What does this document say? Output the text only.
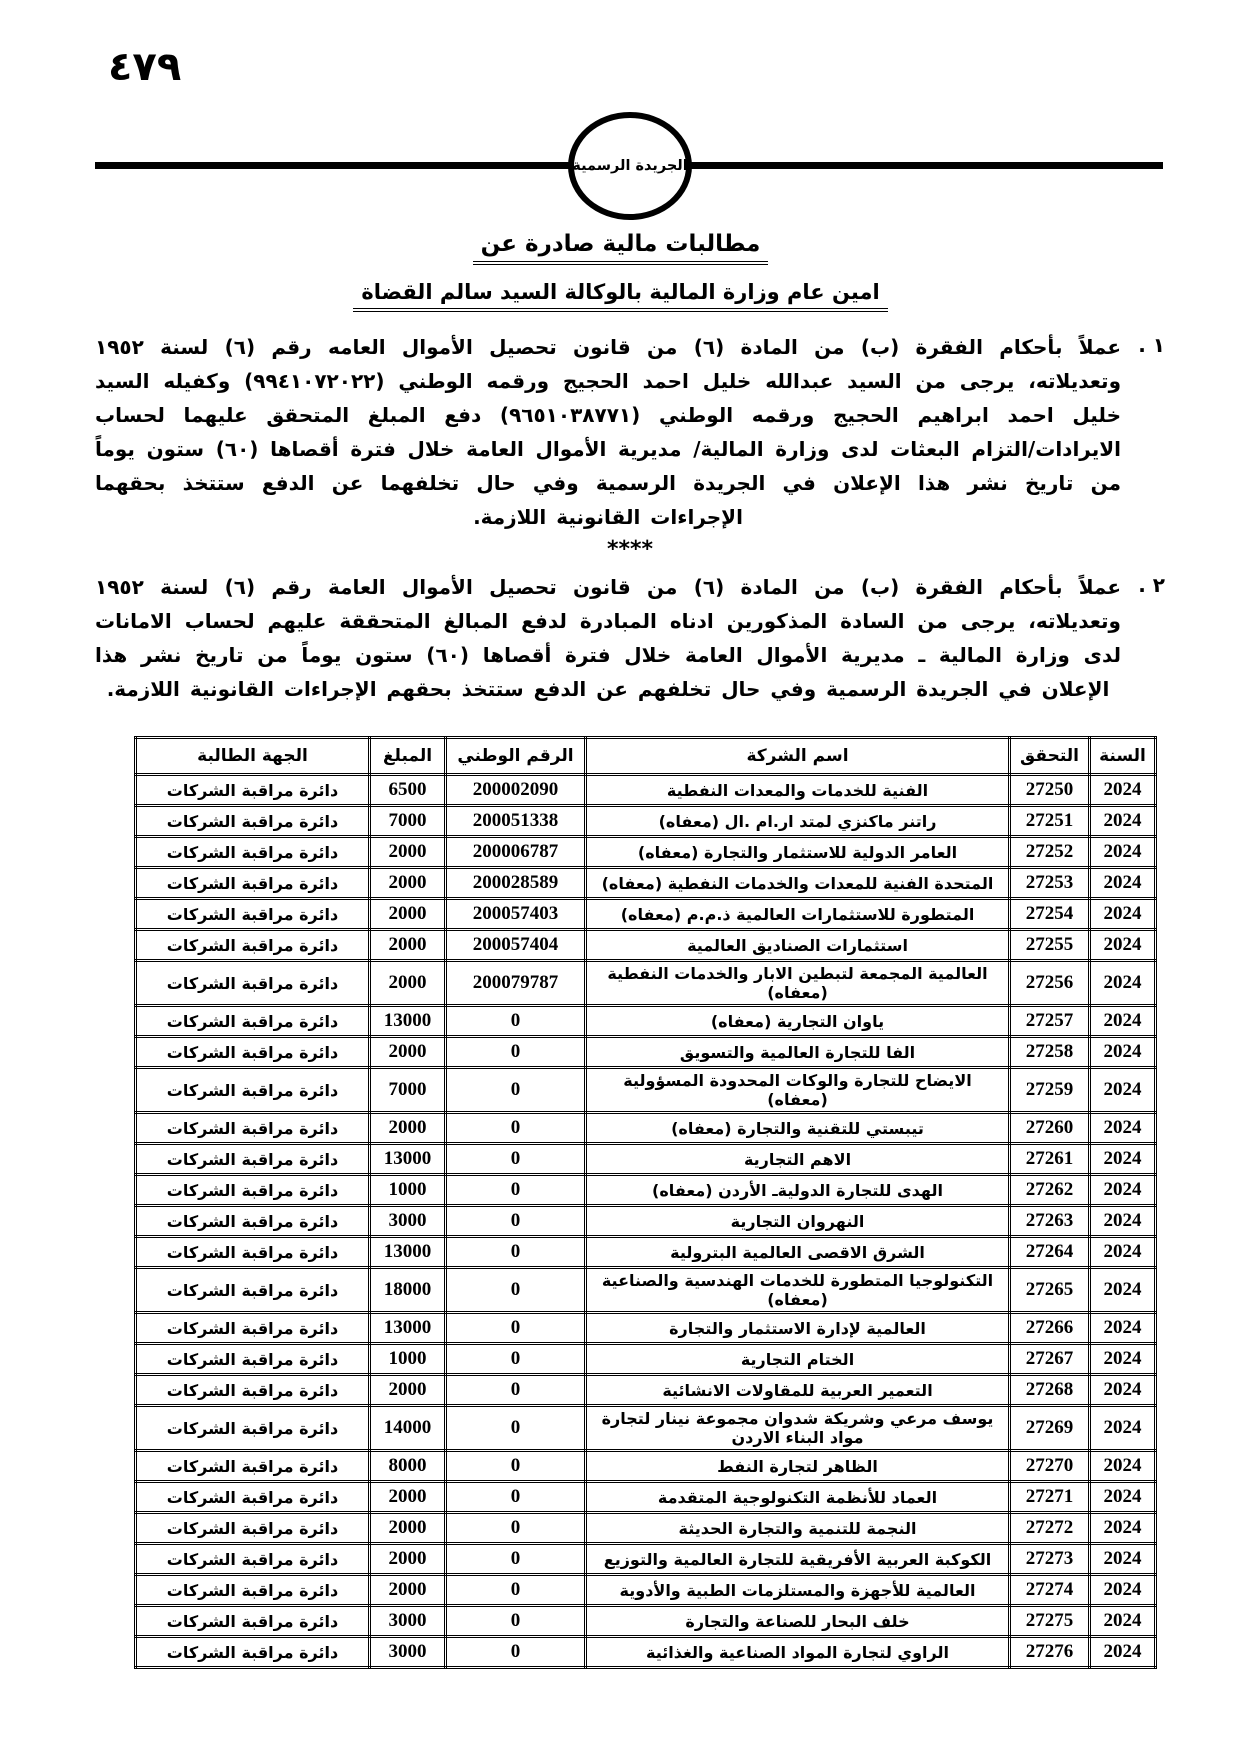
٤٧٩
الجريدة الرسمية
مطالبات مالية صادرة عن
امين عام وزارة المالية بالوكالة السيد سالم القضاة
١ .
عملاً بأحكام الفقرة (ب) من المادة (٦) من قانون تحصيل الأموال العامه رقم (٦) لسنة ١٩٥٢ وتعديلاته، يرجى من السيد عبدالله خليل احمد الحجيج ورقمه الوطني (٩٩٤١٠٧٢٠٢٢) وكفيله السيد خليل احمد ابراهيم الحجيج ورقمه الوطني (٩٦٥١٠٣٨٧٧١) دفع المبلغ المتحقق عليهما لحساب الايرادات/التزام البعثات لدى وزارة المالية/ مديرية الأموال العامة خلال فترة أقصاها (٦٠) ستون يوماً من تاريخ نشر هذا الإعلان في الجريدة الرسمية وفي حال تخلفهما عن الدفع ستتخذ بحقهما الإجراءات القانونية اللازمة.
****
٢ .
عملاً بأحكام الفقرة (ب) من المادة (٦) من قانون تحصيل الأموال العامة رقم (٦) لسنة ١٩٥٢ وتعديلاته، يرجى من السادة المذكورين ادناه المبادرة لدفع المبالغ المتحققة عليهم لحساب الامانات لدى وزارة المالية ـ مديرية الأموال العامة خلال فترة أقصاها (٦٠) ستون يوماً من تاريخ نشر هذا الإعلان في الجريدة الرسمية وفي حال تخلفهم عن الدفع ستتخذ بحقهم الإجراءات القانونية اللازمة.
السنة	التحقق	اسم الشركة	الرقم الوطني	المبلغ	الجهة الطالبة
2024	27250	الفنية للخدمات والمعدات النفطية	200002090	6500	دائرة مراقبة الشركات
2024	27251	راتنر ماكنزي لمتد ار.ام .ال (معفاه)	200051338	7000	دائرة مراقبة الشركات
2024	27252	العامر الدولية للاستثمار والتجارة (معفاه)	200006787	2000	دائرة مراقبة الشركات
2024	27253	المتحدة الفنية للمعدات والخدمات النفطية (معفاه)	200028589	2000	دائرة مراقبة الشركات
2024	27254	المتطورة للاستثمارات العالمية ذ.م.م (معفاه)	200057403	2000	دائرة مراقبة الشركات
2024	27255	استثمارات الصناديق العالمية	200057404	2000	دائرة مراقبة الشركات
2024	27256	العالمية المجمعة لتبطين الابار والخدمات النفطية (معفاه)	200079787	2000	دائرة مراقبة الشركات
2024	27257	ياوان التجارية (معفاه)	0	13000	دائرة مراقبة الشركات
2024	27258	الفا للتجارة العالمية والتسويق	0	2000	دائرة مراقبة الشركات
2024	27259	الايضاح للتجارة والوكات المحدودة المسؤولية (معفاه)	0	7000	دائرة مراقبة الشركات
2024	27260	تيبستي للتقنية والتجارة (معفاه)	0	2000	دائرة مراقبة الشركات
2024	27261	الاهم التجارية	0	13000	دائرة مراقبة الشركات
2024	27262	الهدى للتجارة الدوليةـ الأردن (معفاه)	0	1000	دائرة مراقبة الشركات
2024	27263	النهروان التجارية	0	3000	دائرة مراقبة الشركات
2024	27264	الشرق الاقصى العالمية البترولية	0	13000	دائرة مراقبة الشركات
2024	27265	التكنولوجيا المتطورة للخدمات الهندسية والصناعية (معفاه)	0	18000	دائرة مراقبة الشركات
2024	27266	العالمية لإدارة الاستثمار والتجارة	0	13000	دائرة مراقبة الشركات
2024	27267	الختام التجارية	0	1000	دائرة مراقبة الشركات
2024	27268	التعمير العربية للمقاولات الانشائية	0	2000	دائرة مراقبة الشركات
2024	27269	يوسف مرعي وشريكة شدوان مجموعة نينار لتجارة مواد البناء الاردن	0	14000	دائرة مراقبة الشركات
2024	27270	الظاهر لتجارة النفط	0	8000	دائرة مراقبة الشركات
2024	27271	العماد للأنظمة التكنولوجية المتقدمة	0	2000	دائرة مراقبة الشركات
2024	27272	النجمة للتنمية والتجارة الحديثة	0	2000	دائرة مراقبة الشركات
2024	27273	الكوكبة العربية الأفريقية للتجارة العالمية والتوزيع	0	2000	دائرة مراقبة الشركات
2024	27274	العالمية للأجهزة والمستلزمات الطبية والأدوية	0	2000	دائرة مراقبة الشركات
2024	27275	خلف البحار للصناعة والتجارة	0	3000	دائرة مراقبة الشركات
2024	27276	الراوي لتجارة المواد الصناعية والغذائية	0	3000	دائرة مراقبة الشركات
